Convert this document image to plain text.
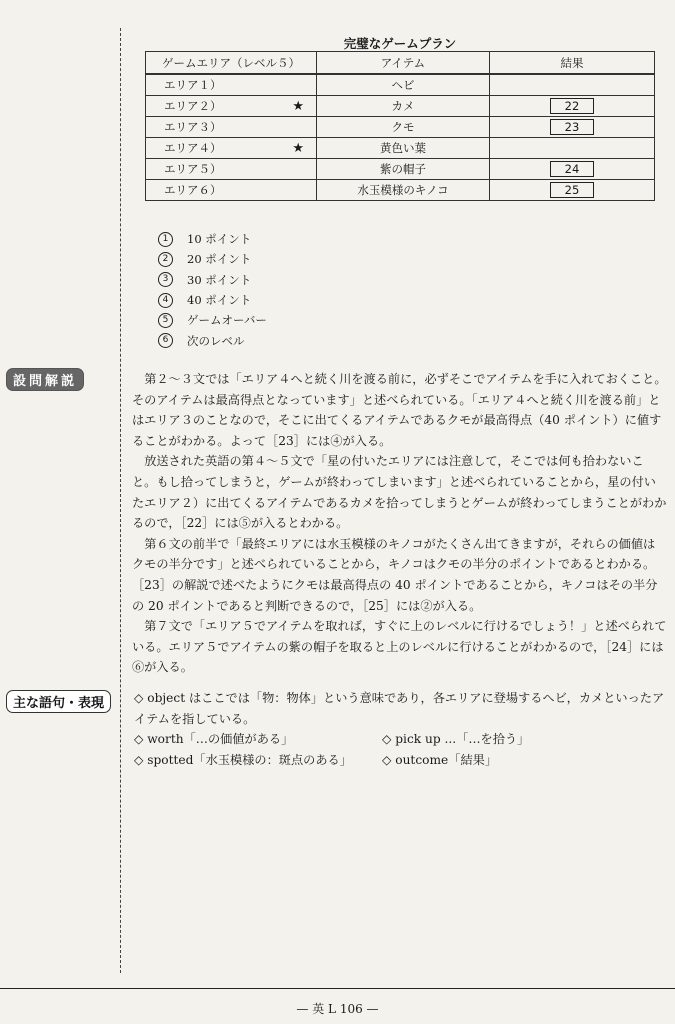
完璧なゲームプラン
ゲームエリア（レベル５）	アイテム	結果

エリア１）	ヘビ	

エリア２） ★	カメ	22

エリア３）	クモ	23

エリア４） ★	黄色い葉	

エリア５）	紫の帽子	24

エリア６）	水玉模様のキノコ	25
1	10 ポイント
2	20 ポイント
3	30 ポイント
4	40 ポイント
5	ゲームオーバー
6	次のレベル
設問解説
主な語句・表現

第２〜３文では「エリア４へと続く川を渡る前に，必ずそこでアイテムを手に入れておくこと。そのアイテムは最高得点となっています」と述べられている。「エリア４へと続く川を渡る前」とはエリア３のことなので，そこに出てくるアイテムであるクモが最高得点（40 ポイント）に値することがわかる。よって［23］には④が入る。

放送された英語の第４〜５文で「星の付いたエリアには注意して，そこでは何も拾わないこと。もし拾ってしまうと，ゲームが終わってしまいます」と述べられていることから，星の付いたエリア２）に出てくるアイテムであるカメを拾ってしまうとゲームが終わってしまうことがわかるので，［22］には⑤が入るとわかる。

第６文の前半で「最終エリアには水玉模様のキノコがたくさん出てきますが，それらの価値はクモの半分です」と述べられていることから，キノコはクモの半分のポイントであるとわかる。［23］の解説で述べたようにクモは最高得点の 40 ポイントであることから，キノコはその半分の 20 ポイントであると判断できるので，［25］には②が入る。

第７文で「エリア５でアイテムを取れば，すぐに上のレベルに行けるでしょう！」と述べられている。エリア５でアイテムの紫の帽子を取ると上のレベルに行けることがわかるので，［24］には⑥が入る。

◇ object はここでは「物：物体」という意味であり，各エリアに登場するヘビ，カメといったアイテムを指している。
◇ worth「…の価値がある」	◇ pick up ...「…を拾う」
◇ spotted「水玉模様の：斑点のある」	◇ outcome「結果」
— 英 L 106 —
